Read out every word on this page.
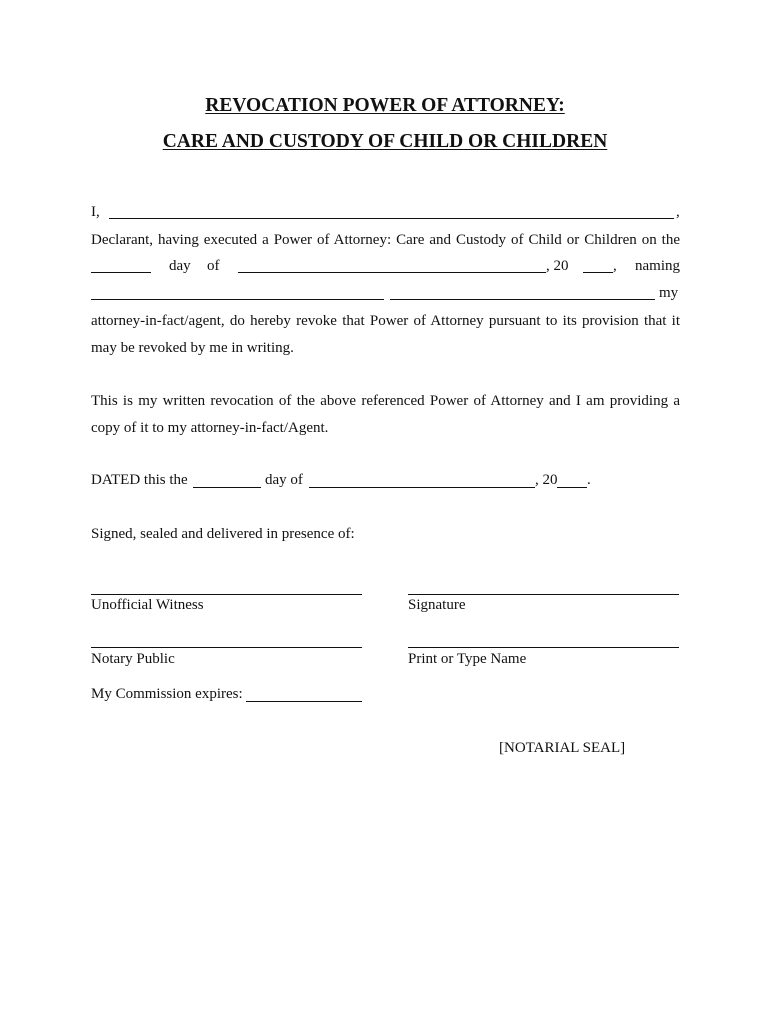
REVOCATION POWER OF ATTORNEY:
CARE AND CUSTODY OF CHILD OR CHILDREN
I,	,
Declarant, having executed a Power of Attorney: Care and Custody of Child or Children on the
day of	, 20	, naming
my
attorney-in-fact/agent, do hereby revoke that Power of Attorney pursuant to its provision that it
may be revoked by me in writing.
This is my written revocation of the above referenced Power of Attorney and I am providing a
copy of it to my attorney-in-fact/Agent.
DATED this the	day of	, 20 .
Signed, sealed and delivered in presence of:
Unofficial Witness	Signature
Notary Public	Print or Type Name
My Commission expires:
[NOTARIAL SEAL]
